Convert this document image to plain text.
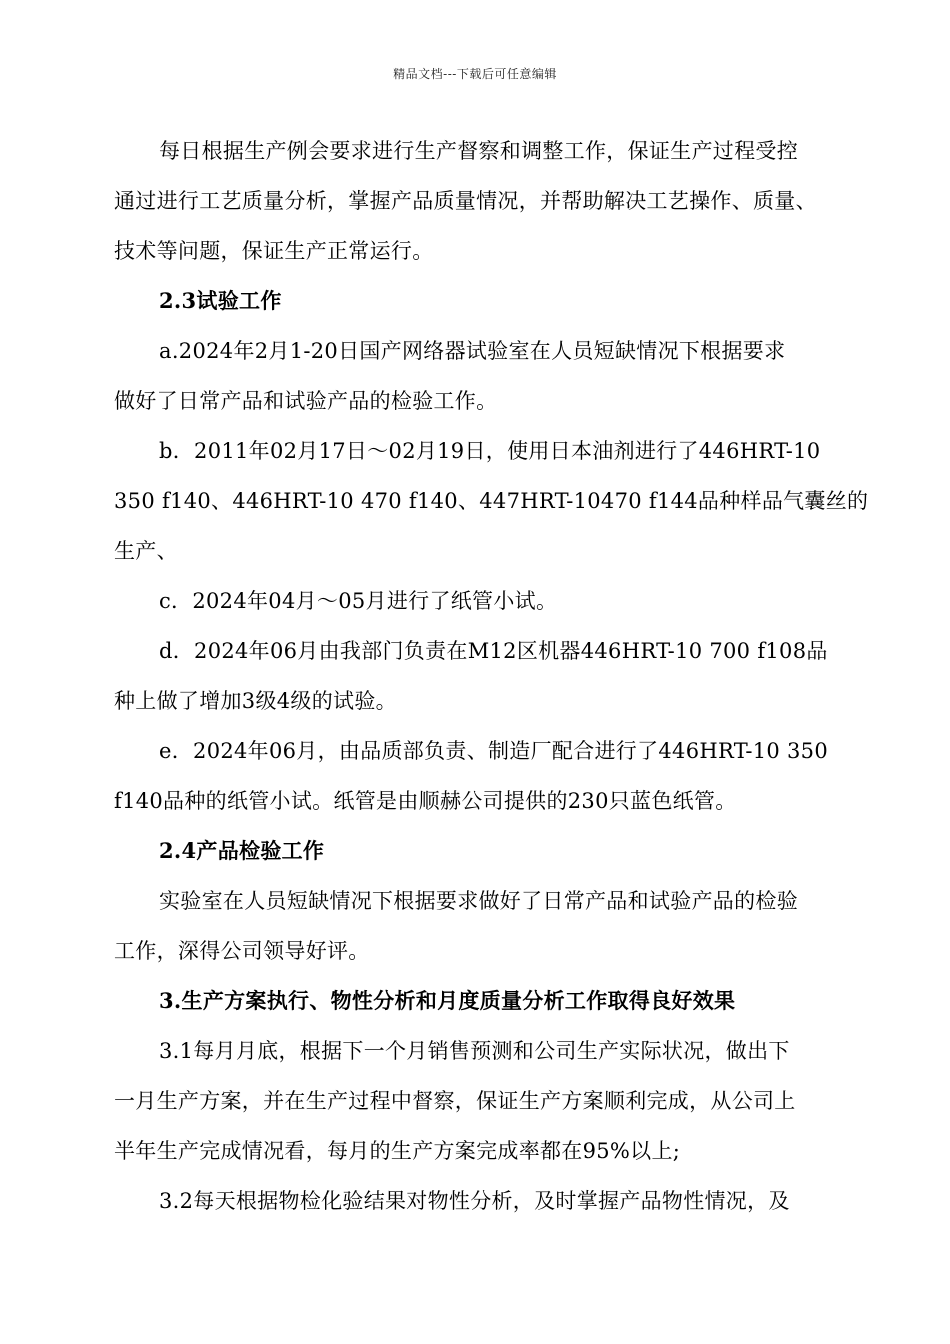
精品文档---下载后可任意编辑
每日根据生产例会要求进行生产督察和调整工作，保证生产过程受控
通过进行工艺质量分析，掌握产品质量情况，并帮助解决工艺操作、质量、
技术等问题，保证生产正常运行。
2.3试验工作
a.2024年2月1-20日国产网络器试验室在人员短缺情况下根据要求
做好了日常产品和试验产品的检验工作。
b．2011年02月17日～02月19日，使用日本油剂进行了446HRT-10
350 f140、446HRT-10 470 f140、447HRT-10470 f144品种样品气囊丝的
生产、
c．2024年04月～05月进行了纸管小试。
d．2024年06月由我部门负责在M12区机器446HRT-10 700 f108品
种上做了增加3级4级的试验。
e．2024年06月，由品质部负责、制造厂配合进行了446HRT-10 350
f140品种的纸管小试。纸管是由顺赫公司提供的230只蓝色纸管。
2.4产品检验工作
实验室在人员短缺情况下根据要求做好了日常产品和试验产品的检验
工作，深得公司领导好评。
3.生产方案执行、物性分析和月度质量分析工作取得良好效果
3.1每月月底，根据下一个月销售预测和公司生产实际状况，做出下
一月生产方案，并在生产过程中督察，保证生产方案顺利完成，从公司上
半年生产完成情况看，每月的生产方案完成率都在95%以上;
3.2每天根据物检化验结果对物性分析，及时掌握产品物性情况，及
